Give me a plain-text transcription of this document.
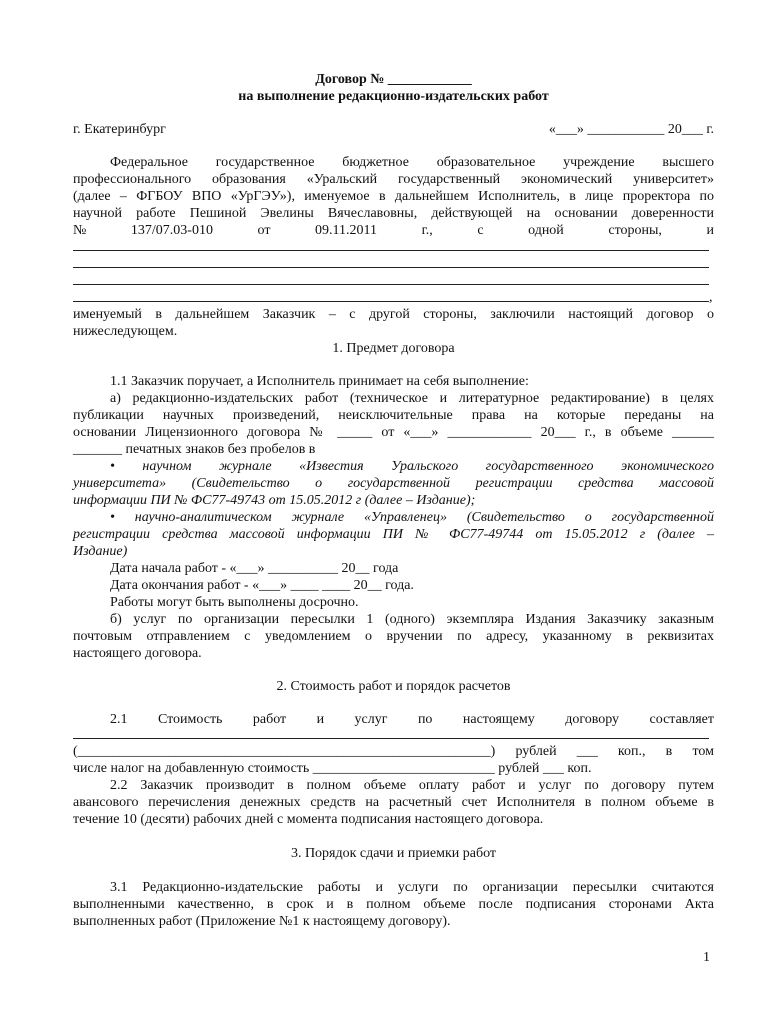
Договор № ____________
на выполнение редакционно-издательских работ
г. Екатеринбург	«___» ___________ 20___ г.
Федеральное государственное бюджетное образовательное учреждение высшего
профессионального образования «Уральский государственный экономический университет»
(далее – ФГБОУ ВПО «УрГЭУ»), именуемое в дальнейшем Исполнитель, в лице проректора по
научной работе Пешиной Эвелины Вячеславовны, действующей на основании доверенности
№	137/07.03-010	от	09.11.2011	г.,	с	одной	стороны,	и
,
именуемый в дальнейшем Заказчик – с другой стороны, заключили настоящий договор о
нижеследующем.
1. Предмет договора
1.1 Заказчик поручает, а Исполнитель принимает на себя выполнение:
а) редакционно-издательских работ (техническое и литературное редактирование) в целях
публикации научных произведений, неисключительные права на которые переданы на
основании Лицензионного договора № _____ от «___» ____________ 20___ г., в объеме ______
_______ печатных знаков без пробелов в
• научном журнале «Известия Уральского государственного экономического
университета» (Свидетельство о государственной регистрации средства массовой
информации ПИ № ФС77-49743 от 15.05.2012 г (далее – Издание);
• научно-аналитическом журнале «Управленец» (Свидетельство о государственной
регистрации средства массовой информации ПИ № ФС77-49744 от 15.05.2012 г (далее –
Издание)
Дата начала работ - «___» __________ 20__ года
Дата окончания работ - «___» ____ ____ 20__ года.
Работы могут быть выполнены досрочно.
б) услуг по организации пересылки 1 (одного) экземпляра Издания Заказчику заказным
почтовым отправлением с уведомлением о вручении по адресу, указанному в реквизитах
настоящего договора.
2. Стоимость работ и порядок расчетов
2.1 Стоимость работ и услуг по настоящему договору составляет
(___________________________________________________________) рублей ___ коп., в том
числе налог на добавленную стоимость __________________________ рублей ___ коп.
2.2 Заказчик производит в полном объеме оплату работ и услуг по договору путем
авансового перечисления денежных средств на расчетный счет Исполнителя в полном объеме в
течение 10 (десяти) рабочих дней с момента подписания настоящего договора.
3. Порядок сдачи и приемки работ
3.1 Редакционно-издательские работы и услуги по организации пересылки считаются
выполненными качественно, в срок и в полном объеме после подписания сторонами Акта
выполненных работ (Приложение №1 к настоящему договору).
1
